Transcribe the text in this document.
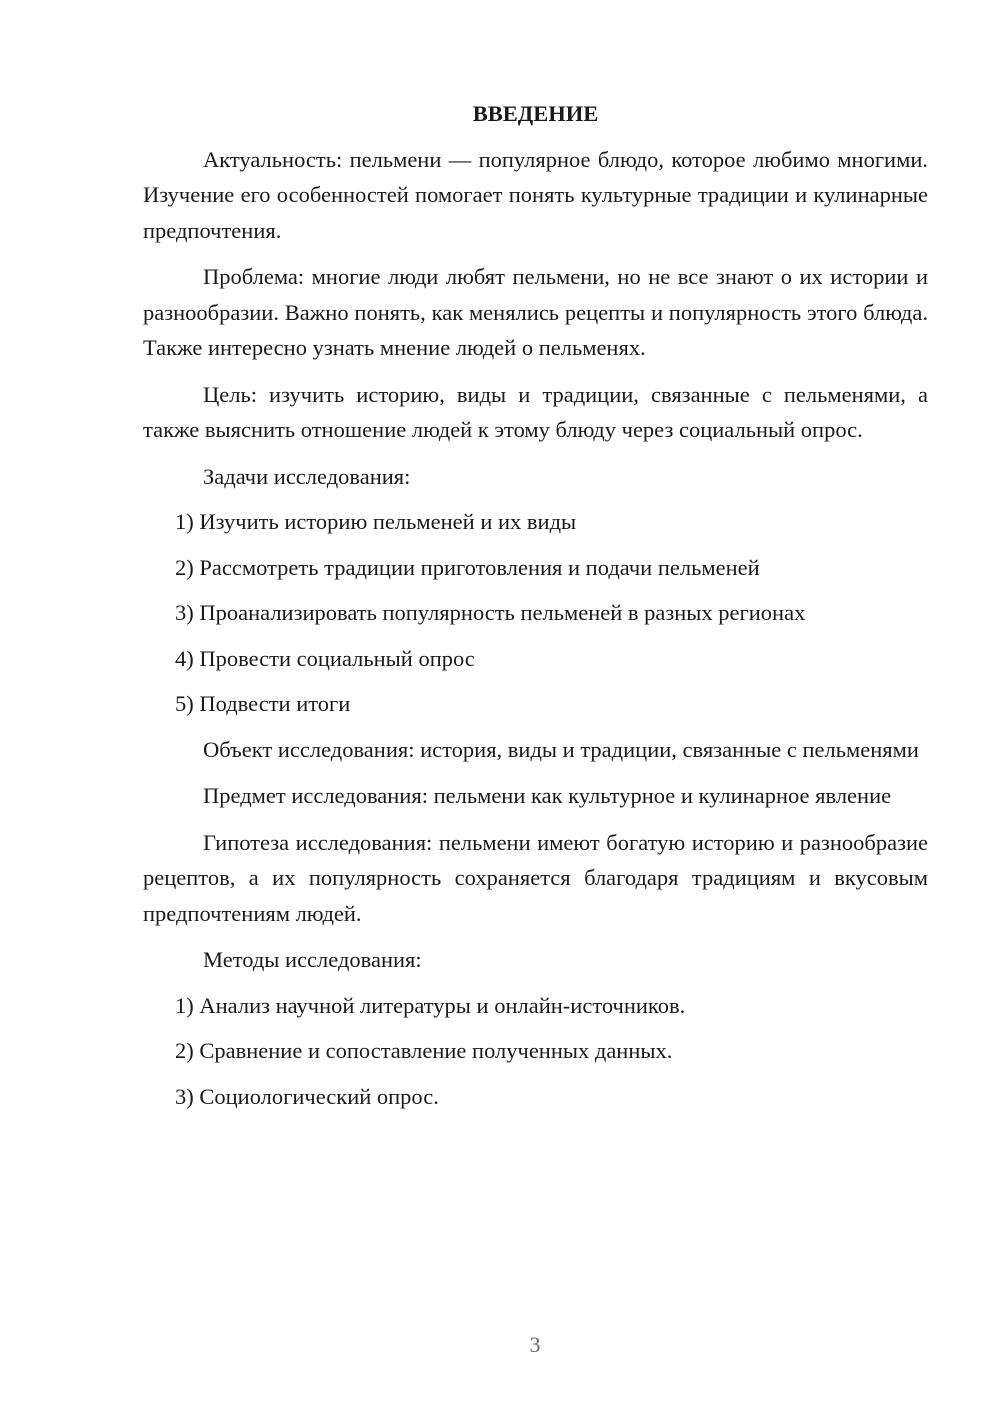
ВВЕДЕНИЕ

Актуальность: пельмени — популярное блюдо, которое любимо многими. Изучение его особенностей помогает понять культурные традиции и кулинарные предпочтения.

Проблема: многие люди любят пельмени, но не все знают о их истории и разнообразии. Важно понять, как менялись рецепты и популярность этого блюда. Также интересно узнать мнение людей о пельменях.

Цель: изучить историю, виды и традиции, связанные с пельменями, а также выяснить отношение людей к этому блюду через социальный опрос.

Задачи исследования:

1) Изучить историю пельменей и их виды
2) Рассмотреть традиции приготовления и подачи пельменей
3) Проанализировать популярность пельменей в разных регионах
4) Провести социальный опрос
5) Подвести итоги

Объект исследования: история, виды и традиции, связанные с пельменями

Предмет исследования: пельмени как культурное и кулинарное явление

Гипотеза исследования: пельмени имеют богатую историю и разнообразие рецептов, а их популярность сохраняется благодаря традициям и вкусовым предпочтениям людей.

Методы исследования:

1) Анализ научной литературы и онлайн-источников.
2) Сравнение и сопоставление полученных данных.
3) Социологический опрос.
3
